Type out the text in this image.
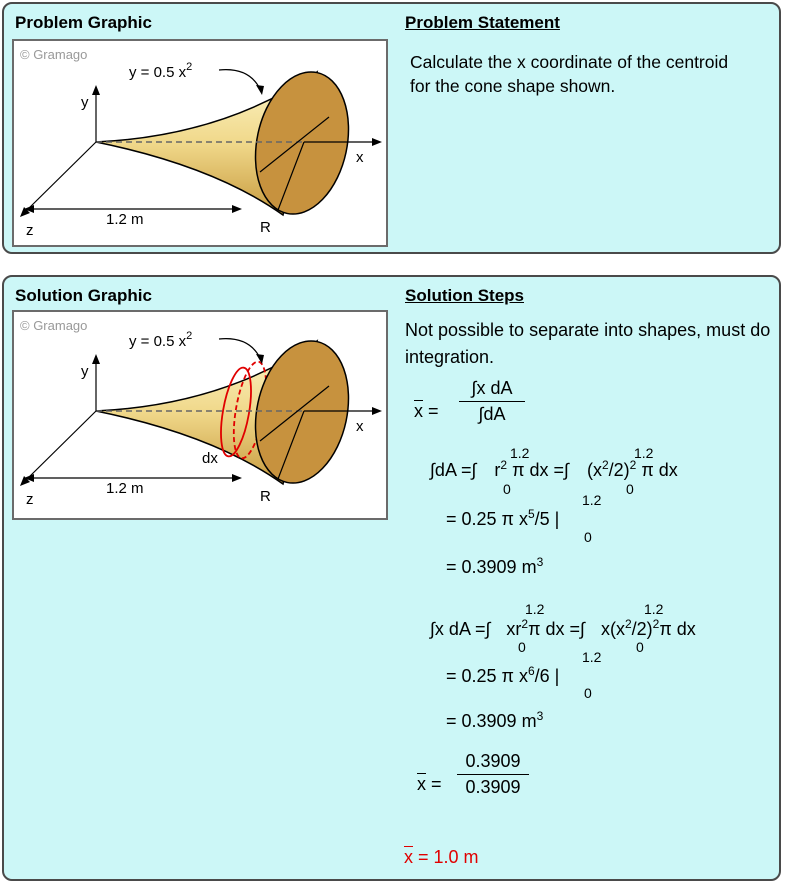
Problem Graphic	Problem Statement
Calculate the x coordinate of the centroid for the cone shape shown.
© Gramago
y = 0.5 $x^2$
y
x
z
1.2 m	R
Solution Graphic	Solution Steps
Not possible to separate into shapes, must do integration.
© Gramago
y = 0.5 $x^2$
y
x
z
1.2 m	R
dx
$\overline{x}$ =
∫x dA
∫dA
∫dA =∫ $r^2$ π dx =∫ $(x^2/2)^2$ π dx
1.2
0
1.2
0
= 0.25 π $x^5/5$ |
1.2
0
= 0.3909 $m^3$
∫x dA =∫ $xr^2\pi$ dx =∫ $x(x^2/2)^2\pi$ dx
1.2
0
1.2
0
= 0.25 π $x^6/6$ |
1.2
0
= 0.3909 $m^3$
$\overline{x}$ =
0.3909
0.3909
$\overline{x} = 1.0$ m
